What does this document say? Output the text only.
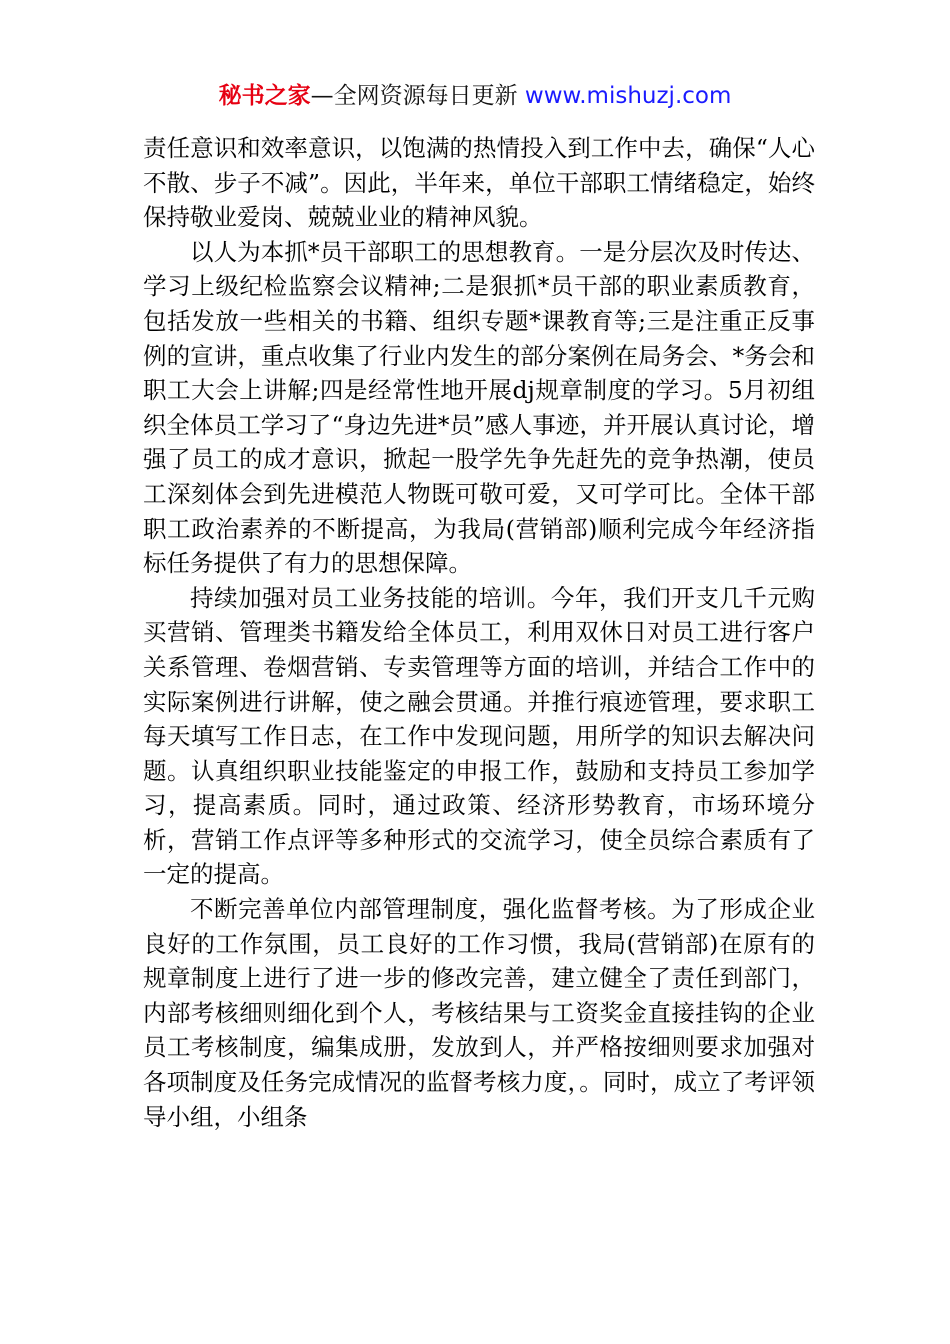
秘书之家—全网资源每日更新 www.mishuzj.com

责任意识和效率意识，以饱满的热情投入到工作中去，确保“人心不散、步子不减”。因此，半年来，单位干部职工情绪稳定，始终保持敬业爱岗、兢兢业业的精神风貌。

以人为本抓*员干部职工的思想教育。一是分层次及时传达、学习上级纪检监察会议精神;二是狠抓*员干部的职业素质教育，包括发放一些相关的书籍、组织专题*课教育等;三是注重正反事例的宣讲，重点收集了行业内发生的部分案例在局务会、*务会和职工大会上讲解;四是经常性地开展dj规章制度的学习。5月初组织全体员工学习了“身边先进*员”感人事迹，并开展认真讨论，增强了员工的成才意识，掀起一股学先争先赶先的竞争热潮，使员工深刻体会到先进模范人物既可敬可爱，又可学可比。全体干部职工政治素养的不断提高，为我局(营销部)顺利完成今年经济指标任务提供了有力的思想保障。

持续加强对员工业务技能的培训。今年，我们开支几千元购买营销、管理类书籍发给全体员工，利用双休日对员工进行客户关系管理、卷烟营销、专卖管理等方面的培训，并结合工作中的实际案例进行讲解，使之融会贯通。并推行痕迹管理，要求职工每天填写工作日志，在工作中发现问题，用所学的知识去解决问题。认真组织职业技能鉴定的申报工作，鼓励和支持员工参加学习，提高素质。同时，通过政策、经济形势教育，市场环境分析，营销工作点评等多种形式的交流学习，使全员综合素质有了一定的提高。

不断完善单位内部管理制度，强化监督考核。为了形成企业良好的工作氛围，员工良好的工作习惯，我局(营销部)在原有的规章制度上进行了进一步的修改完善，建立健全了责任到部门，内部考核细则细化到个人，考核结果与工资奖金直接挂钩的企业员工考核制度，编集成册，发放到人，并严格按细则要求加强对各项制度及任务完成情况的监督考核力度，。同时，成立了考评领导小组，小组条
